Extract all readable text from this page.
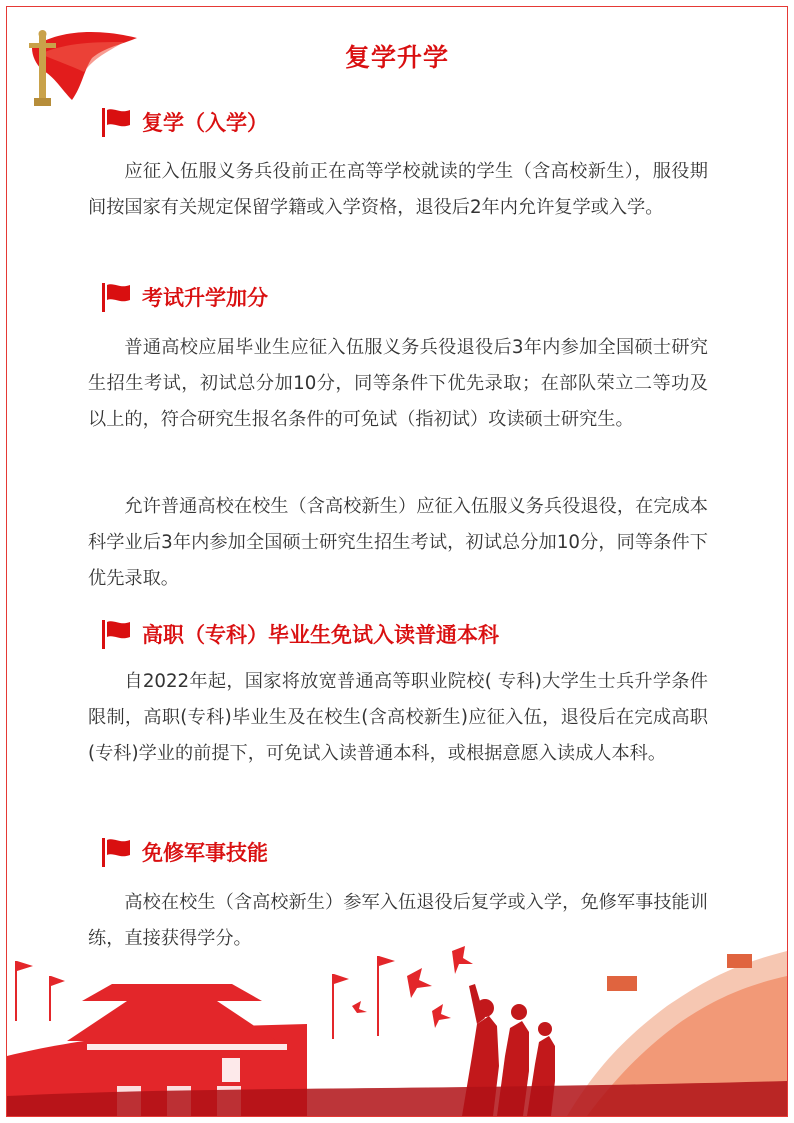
复学升学
复学（入学）

应征入伍服义务兵役前正在高等学校就读的学生（含高校新生），服役期间按国家有关规定保留学籍或入学资格，退役后2年内允许复学或入学。

考试升学加分

普通高校应届毕业生应征入伍服义务兵役退役后3年内参加全国硕士研究生招生考试，初试总分加10分，同等条件下优先录取；在部队荣立二等功及以上的，符合研究生报名条件的可免试（指初试）攻读硕士研究生。

允许普通高校在校生（含高校新生）应征入伍服义务兵役退役，在完成本科学业后3年内参加全国硕士研究生招生考试，初试总分加10分，同等条件下优先录取。

高职（专科）毕业生免试入读普通本科

自2022年起，国家将放宽普通高等职业院校( 专科)大学生士兵升学条件限制，高职(专科)毕业生及在校生(含高校新生)应征入伍，退役后在完成高职(专科)学业的前提下，可免试入读普通本科，或根据意愿入读成人本科。

免修军事技能

高校在校生（含高校新生）参军入伍退役后复学或入学，免修军事技能训练，直接获得学分。
